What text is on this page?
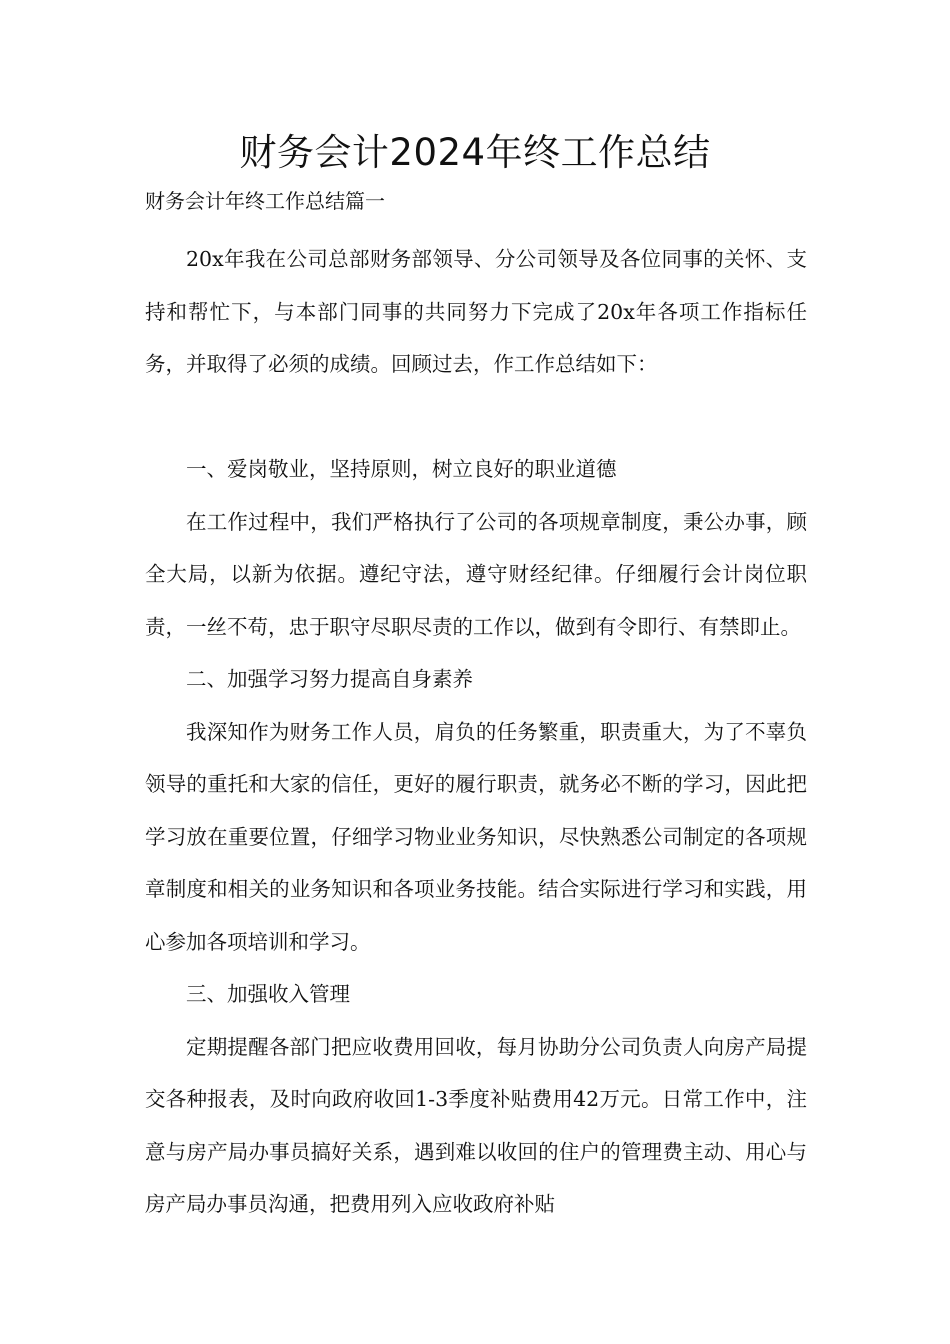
财务会计2024年终工作总结
财务会计年终工作总结篇一

20x年我在公司总部财务部领导、分公司领导及各位同事的关怀、支持和帮忙下，与本部门同事的共同努力下完成了20x年各项工作指标任务，并取得了必须的成绩。回顾过去，作工作总结如下：

一、爱岗敬业，坚持原则，树立良好的职业道德

在工作过程中，我们严格执行了公司的各项规章制度，秉公办事，顾全大局，以新为依据。遵纪守法，遵守财经纪律。仔细履行会计岗位职责，一丝不苟，忠于职守尽职尽责的工作以，做到有令即行、有禁即止。

二、加强学习努力提高自身素养

我深知作为财务工作人员，肩负的任务繁重，职责重大，为了不辜负领导的重托和大家的信任，更好的履行职责，就务必不断的学习，因此把学习放在重要位置，仔细学习物业业务知识，尽快熟悉公司制定的各项规章制度和相关的业务知识和各项业务技能。结合实际进行学习和实践，用心参加各项培训和学习。

三、加强收入管理

定期提醒各部门把应收费用回收，每月协助分公司负责人向房产局提交各种报表，及时向政府收回1-3季度补贴费用42万元。日常工作中，注意与房产局办事员搞好关系，遇到难以收回的住户的管理费主动、用心与房产局办事员沟通，把费用列入应收政府补贴
